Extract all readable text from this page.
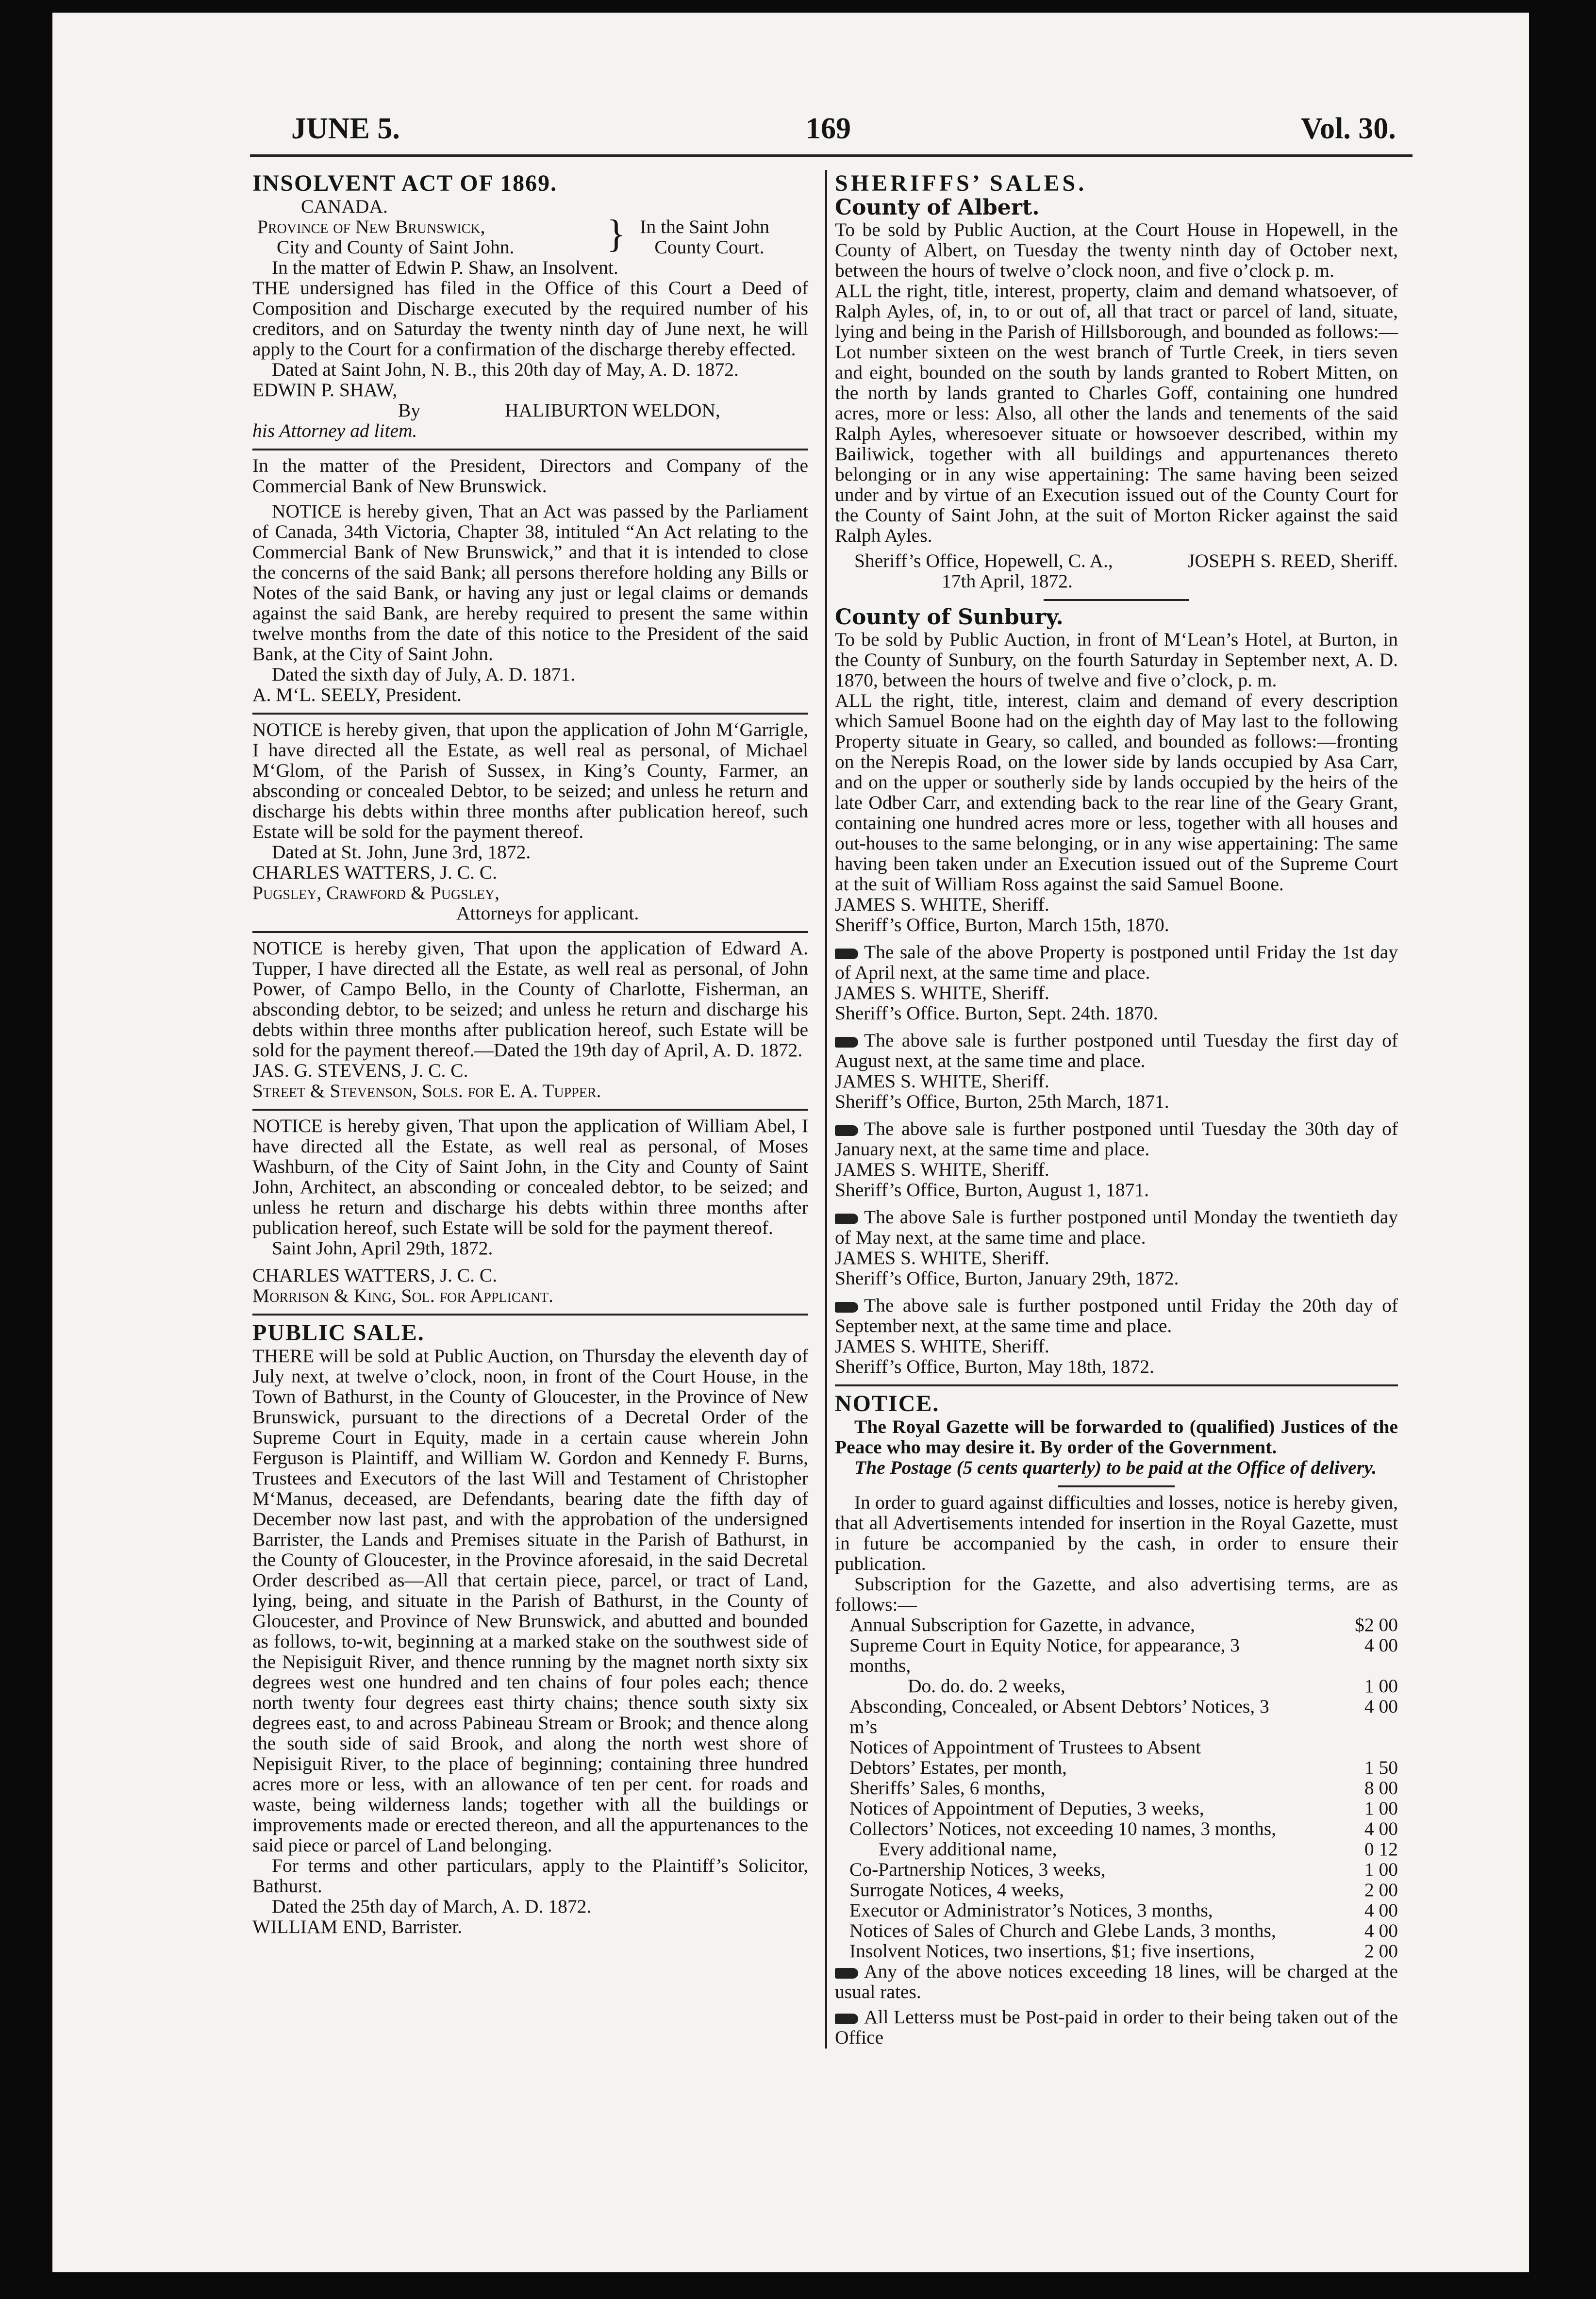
JUNE 5.	169	Vol. 30.

INSOLVENT ACT OF 1869.

CANADA.

Province of New Brunswick,
City and County of Saint John.	} In the Saint John
County Court.

In the matter of Edwin P. Shaw, an Insolvent.

THE undersigned has filed in the Office of this Court a Deed of Composition and Discharge executed by the required number of his creditors, and on Saturday the twenty ninth day of June next, he will apply to the Court for a confirmation of the discharge thereby effected.

Dated at Saint John, N. B., this 20th day of May, A. D. 1872.

EDWIN P. SHAW,

By	HALIBURTON WELDON,

his Attorney ad litem.

In the matter of the President, Directors and Company of the Commercial Bank of New Brunswick.

NOTICE is hereby given, That an Act was passed by the Parliament of Canada, 34th Victoria, Chapter 38, intituled “An Act relating to the Commercial Bank of New Brunswick,” and that it is intended to close the concerns of the said Bank; all persons therefore holding any Bills or Notes of the said Bank, or having any just or legal claims or demands against the said Bank, are hereby required to present the same within twelve months from the date of this notice to the President of the said Bank, at the City of Saint John.

Dated the sixth day of July, A. D. 1871.

A. M‘L. SEELY, President.

NOTICE is hereby given, that upon the application of John M‘Garrigle, I have directed all the Estate, as well real as personal, of Michael M‘Glom, of the Parish of Sussex, in King’s County, Farmer, an absconding or concealed Debtor, to be seized; and unless he return and discharge his debts within three months after publication hereof, such Estate will be sold for the payment thereof.

Dated at St. John, June 3rd, 1872.

CHARLES WATTERS, J. C. C.

Pugsley, Crawford & Pugsley,

Attorneys for applicant.

NOTICE is hereby given, That upon the application of Edward A. Tupper, I have directed all the Estate, as well real as personal, of John Power, of Campo Bello, in the County of Charlotte, Fisherman, an absconding debtor, to be seized; and unless he return and discharge his debts within three months after publication hereof, such Estate will be sold for the payment thereof.—Dated the 19th day of April, A. D. 1872.

JAS. G. STEVENS, J. C. C.

Street & Stevenson, Sols. for E. A. Tupper.

NOTICE is hereby given, That upon the application of William Abel, I have directed all the Estate, as well real as personal, of Moses Washburn, of the City of Saint John, in the City and County of Saint John, Architect, an absconding or concealed debtor, to be seized; and unless he return and discharge his debts within three months after publication hereof, such Estate will be sold for the payment thereof.

Saint John, April 29th, 1872.

CHARLES WATTERS, J. C. C.

Morrison & King, Sol. for Applicant.

PUBLIC SALE.

THERE will be sold at Public Auction, on Thursday the eleventh day of July next, at twelve o’clock, noon, in front of the Court House, in the Town of Bathurst, in the County of Gloucester, in the Province of New Brunswick, pursuant to the directions of a Decretal Order of the Supreme Court in Equity, made in a certain cause wherein John Ferguson is Plaintiff, and William W. Gordon and Kennedy F. Burns, Trustees and Executors of the last Will and Testament of Christopher M‘Manus, deceased, are Defendants, bearing date the fifth day of December now last past, and with the approbation of the undersigned Barrister, the Lands and Premises situate in the Parish of Bathurst, in the County of Gloucester, in the Province aforesaid, in the said Decretal Order described as—All that certain piece, parcel, or tract of Land, lying, being, and situate in the Parish of Bathurst, in the County of Gloucester, and Province of New Brunswick, and abutted and bounded as follows, to-wit, beginning at a marked stake on the southwest side of the Nepisiguit River, and thence running by the magnet north sixty six degrees west one hundred and ten chains of four poles each; thence north twenty four degrees east thirty chains; thence south sixty six degrees east, to and across Pabineau Stream or Brook; and thence along the south side of said Brook, and along the north west shore of Nepisiguit River, to the place of beginning; containing three hundred acres more or less, with an allowance of ten per cent. for roads and waste, being wilderness lands; together with all the buildings or improvements made or erected thereon, and all the appurtenances to the said piece or parcel of Land belonging.

For terms and other particulars, apply to the Plaintiff’s Solicitor, Bathurst.

Dated the 25th day of March, A. D. 1872.

WILLIAM END, Barrister.

SHERIFFS’ SALES.

County of Albert.

To be sold by Public Auction, at the Court House in Hopewell, in the County of Albert, on Tuesday the twenty ninth day of October next, between the hours of twelve o’clock noon, and five o’clock p. m.

ALL the right, title, interest, property, claim and demand whatsoever, of Ralph Ayles, of, in, to or out of, all that tract or parcel of land, situate, lying and being in the Parish of Hillsborough, and bounded as follows:—Lot number sixteen on the west branch of Turtle Creek, in tiers seven and eight, bounded on the south by lands granted to Robert Mitten, on the north by lands granted to Charles Goff, containing one hundred acres, more or less: Also, all other the lands and tenements of the said Ralph Ayles, wheresoever situate or howsoever described, within my Bailiwick, together with all buildings and appurtenances thereto belonging or in any wise appertaining: The same having been seized under and by virtue of an Execution issued out of the County Court for the County of Saint John, at the suit of Morton Ricker against the said Ralph Ayles.

Sheriff’s Office, Hopewell, C. A.,	JOSEPH S. REED, Sheriff.

17th April, 1872.

County of Sunbury.

To be sold by Public Auction, in front of M‘Lean’s Hotel, at Burton, in the County of Sunbury, on the fourth Saturday in September next, A. D. 1870, between the hours of twelve and five o’clock, p. m.

ALL the right, title, interest, claim and demand of every description which Samuel Boone had on the eighth day of May last to the following Property situate in Geary, so called, and bounded as follows:—fronting on the Nerepis Road, on the lower side by lands occupied by Asa Carr, and on the upper or southerly side by lands occupied by the heirs of the late Odber Carr, and extending back to the rear line of the Geary Grant, containing one hundred acres more or less, together with all houses and out-houses to the same belonging, or in any wise appertaining: The same having been taken under an Execution issued out of the Supreme Court at the suit of William Ross against the said Samuel Boone.

JAMES S. WHITE, Sheriff.

Sheriff’s Office, Burton, March 15th, 1870.

The sale of the above Property is postponed until Friday the 1st day of April next, at the same time and place.

JAMES S. WHITE, Sheriff.

Sheriff’s Office. Burton, Sept. 24th. 1870.

The above sale is further postponed until Tuesday the first day of August next, at the same time and place.

JAMES S. WHITE, Sheriff.

Sheriff’s Office, Burton, 25th March, 1871.

The above sale is further postponed until Tuesday the 30th day of January next, at the same time and place.

JAMES S. WHITE, Sheriff.

Sheriff’s Office, Burton, August 1, 1871.

The above Sale is further postponed until Monday the twentieth day of May next, at the same time and place.

JAMES S. WHITE, Sheriff.

Sheriff’s Office, Burton, January 29th, 1872.

The above sale is further postponed until Friday the 20th day of September next, at the same time and place.

JAMES S. WHITE, Sheriff.

Sheriff’s Office, Burton, May 18th, 1872.

NOTICE.

The Royal Gazette will be forwarded to (qualified) Justices of the Peace who may desire it. By order of the Government.

The Postage (5 cents quarterly) to be paid at the Office of delivery.

In order to guard against difficulties and losses, notice is hereby given, that all Advertisements intended for insertion in the Royal Gazette, must in future be accompanied by the cash, in order to ensure their publication.

Subscription for the Gazette, and also advertising terms, are as follows:—

Annual Subscription for Gazette, in advance,	$2 00
Supreme Court in Equity Notice, for appearance, 3 months,
4 00
Do. do. do. 2 weeks,	1 00
Absconding, Concealed, or Absent Debtors’ Notices, 3 m’s
4 00
Notices of Appointment of Trustees to Absent Debtors’ Estates, per month,	1 50
Sheriffs’ Sales, 6 months,	8 00
Notices of Appointment of Deputies, 3 weeks,	1 00
Collectors’ Notices, not exceeding 10 names, 3 months,	4 00
Every additional name,	0 12
Co-Partnership Notices, 3 weeks,	1 00
Surrogate Notices, 4 weeks,	2 00
Executor or Administrator’s Notices, 3 months,	4 00
Notices of Sales of Church and Glebe Lands, 3 months,	4 00
Insolvent Notices, two insertions, $1; five insertions,	2 00

Any of the above notices exceeding 18 lines, will be charged at the usual rates.

All Letterss must be Post-paid in order to their being taken out of the Office
